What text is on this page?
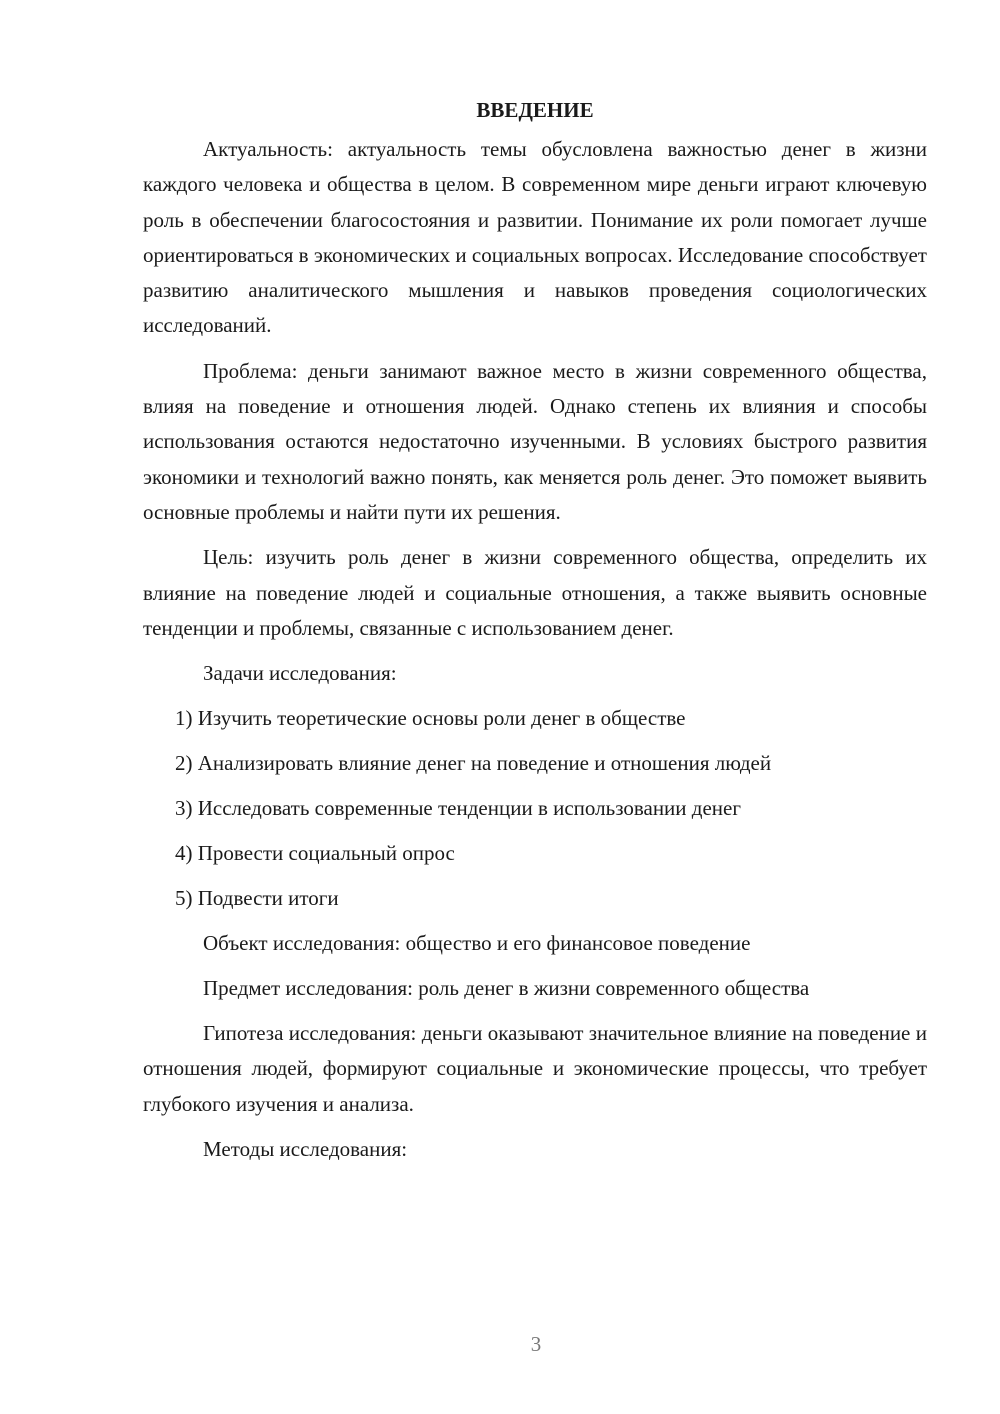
ВВЕДЕНИЕ

Актуальность: актуальность темы обусловлена важностью денег в жизни каждого человека и общества в целом. В современном мире деньги играют ключевую роль в обеспечении благосостояния и развитии. Понимание их роли помогает лучше ориентироваться в экономических и социальных вопросах. Исследование способствует развитию аналитического мышления и навыков проведения социологических исследований.

Проблема: деньги занимают важное место в жизни современного общества, влияя на поведение и отношения людей. Однако степень их влияния и способы использования остаются недостаточно изученными. В условиях быстрого развития экономики и технологий важно понять, как меняется роль денег. Это поможет выявить основные проблемы и найти пути их решения.

Цель: изучить роль денег в жизни современного общества, определить их влияние на поведение людей и социальные отношения, а также выявить основные тенденции и проблемы, связанные с использованием денег.

Задачи исследования:
1) Изучить теоретические основы роли денег в обществе
2) Анализировать влияние денег на поведение и отношения людей
3) Исследовать современные тенденции в использовании денег
4) Провести социальный опрос
5) Подвести итоги
Объект исследования: общество и его финансовое поведение
Предмет исследования: роль денег в жизни современного общества

Гипотеза исследования: деньги оказывают значительное влияние на поведение и отношения людей, формируют социальные и экономические процессы, что требует глубокого изучения и анализа.

Методы исследования:
3
